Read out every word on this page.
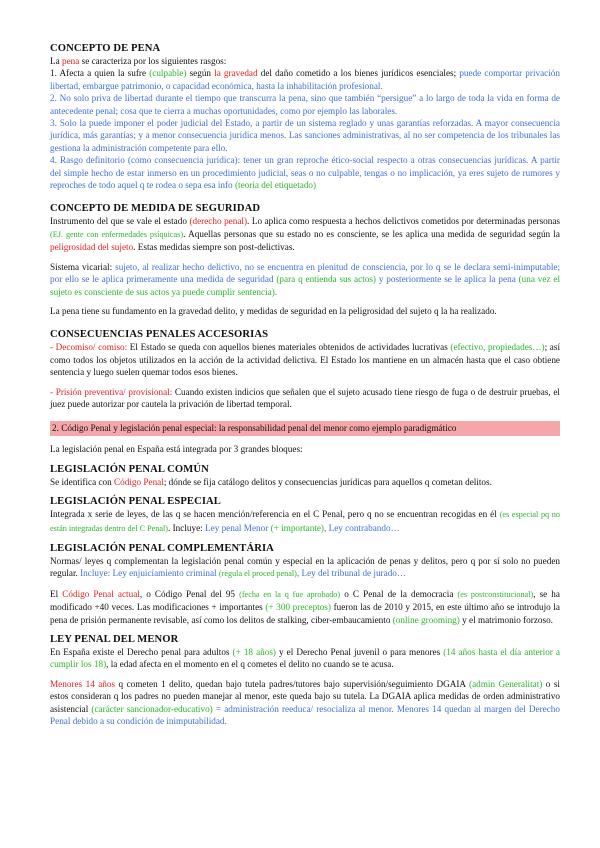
CONCEPTO DE PENA

La pena se caracteriza por los siguientes rasgos:

1. Afecta a quien la sufre (culpable) según la gravedad del daño cometido a los bienes jurídicos esenciales; puede comportar privación libertad, embargue patrimonio, o capacidad económica, hasta la inhabilitación profesional.

2. No solo priva de libertad durante el tiempo que transcurra la pena, sino que también “persigue” a lo largo de toda la vida en forma de antecedente penal; cosa que te cierra a muchas oportunidades, como por ejemplo las laborales.

3. Solo la puede imponer el poder judicial del Estado, a partir de un sistema reglado y unas garantías reforzadas. A mayor consecuencia jurídica, más garantías; y a menor consecuencia jurídica menos. Las sanciones administrativas, al no ser competencia de los tribunales las gestiona la administración competente para ello.

4. Rasgo definitorio (como consecuencia jurídica): tener un gran reproche ético-social respecto a otras consecuencias jurídicas. A partir del simple hecho de estar inmerso en un procedimiento judicial, seas o no culpable, tengas o no implicación, ya eres sujeto de rumores y reproches de todo aquel q te rodea o sepa esa info (teoría del etiquetado)

CONCEPTO DE MEDIDA DE SEGURIDAD

Instrumento del que se vale el estado (derecho penal). Lo aplica como respuesta a hechos delictivos cometidos por determinadas personas (EJ. gente con enfermedades psíquicas). Aquellas personas que su estado no es consciente, se les aplica una medida de seguridad según la peligrosidad del sujeto. Estas medidas siempre son post-delictivas.

Sistema vicarial: sujeto, al realizar hecho delictivo, no se encuentra en plenitud de consciencia, por lo q se le declara semi-inimputable; por ello se le aplica primeramente una medida de seguridad (para q entienda sus actos) y posteriormente se le aplica la pena (una vez el sujeto es consciente de sus actos ya puede cumplir sentencia).

La pena tiene su fundamento en la gravedad delito, y medidas de seguridad en la peligrosidad del sujeto q la ha realizado.

CONSECUENCIAS PENALES ACCESORIAS

- Decomiso/ comiso: El Estado se queda con aquellos bienes materiales obtenidos de actividades lucrativas (efectivo, propiedades…); así como todos los objetos utilizados en la acción de la actividad delictiva. El Estado los mantiene en un almacén hasta que el caso obtiene sentencia y luego suelen quemar todos esos bienes.

- Prisión preventiva/ provisional: Cuando existen indicios que señalen que el sujeto acusado tiene riesgo de fuga o de destruir pruebas, el juez puede autorizar por cautela la privación de libertad temporal.

2. Código Penal y legislación penal especial: la responsabilidad penal del menor como ejemplo paradigmático

La legislación penal en España está integrada por 3 grandes bloques:

LEGISLACIÓN PENAL COMÚN

Se identifica con Código Penal; dónde se fija catálogo delitos y consecuencias jurídicas para aquellos q cometan delitos.

LEGISLACIÓN PENAL ESPECIAL

Integrada x serie de leyes, de las q se hacen mención/referencia en el C Penal, pero q no se encuentran recogidas en él (es especial pq no están integradas dentro del C Penal). Incluye: Ley penal Menor (+ importante), Ley contrabando…

LEGISLACIÓN PENAL COMPLEMENTÁRIA

Normas/ leyes q complementan la legislación penal común y especial en la aplicación de penas y delitos, pero q por sí solo no pueden regular. Incluye: Ley enjuiciamiento criminal (regula el proced penal), Ley del tribunal de jurado…

El Código Penal actual, o Código Penal del 95 (fecha en la q fue aprobado) o C Penal de la democracia (es postconstitucional), se ha modificado +40 veces. Las modificaciones + importantes (+ 300 preceptos) fueron las de 2010 y 2015, en este último año se introdujo la pena de prisión permanente revisable, así como los delitos de stalking, ciber-embaucamiento (online grooming) y el matrimonio forzoso.

LEY PENAL DEL MENOR

En España existe el Derecho penal para adultos (+ 18 años) y el Derecho Penal juvenil o para menores (14 años hasta el día anterior a cumplir los 18), la edad afecta en el momento en el q cometes el delito no cuando se te acusa.

Menores 14 años q cometen 1 delito, quedan bajo tutela padres/tutores bajo supervisión/seguimiento DGAIA (admin Generalitat) o si estos consideran q los padres no pueden manejar al menor, este queda bajo su tutela. La DGAIA aplica medidas de orden administrativo asistencial (carácter sancionador-educativo) = administración reeduca/ resocializa al menor. Menores 14 quedan al margen del Derecho Penal debido a su condición de inimputabilidad.
